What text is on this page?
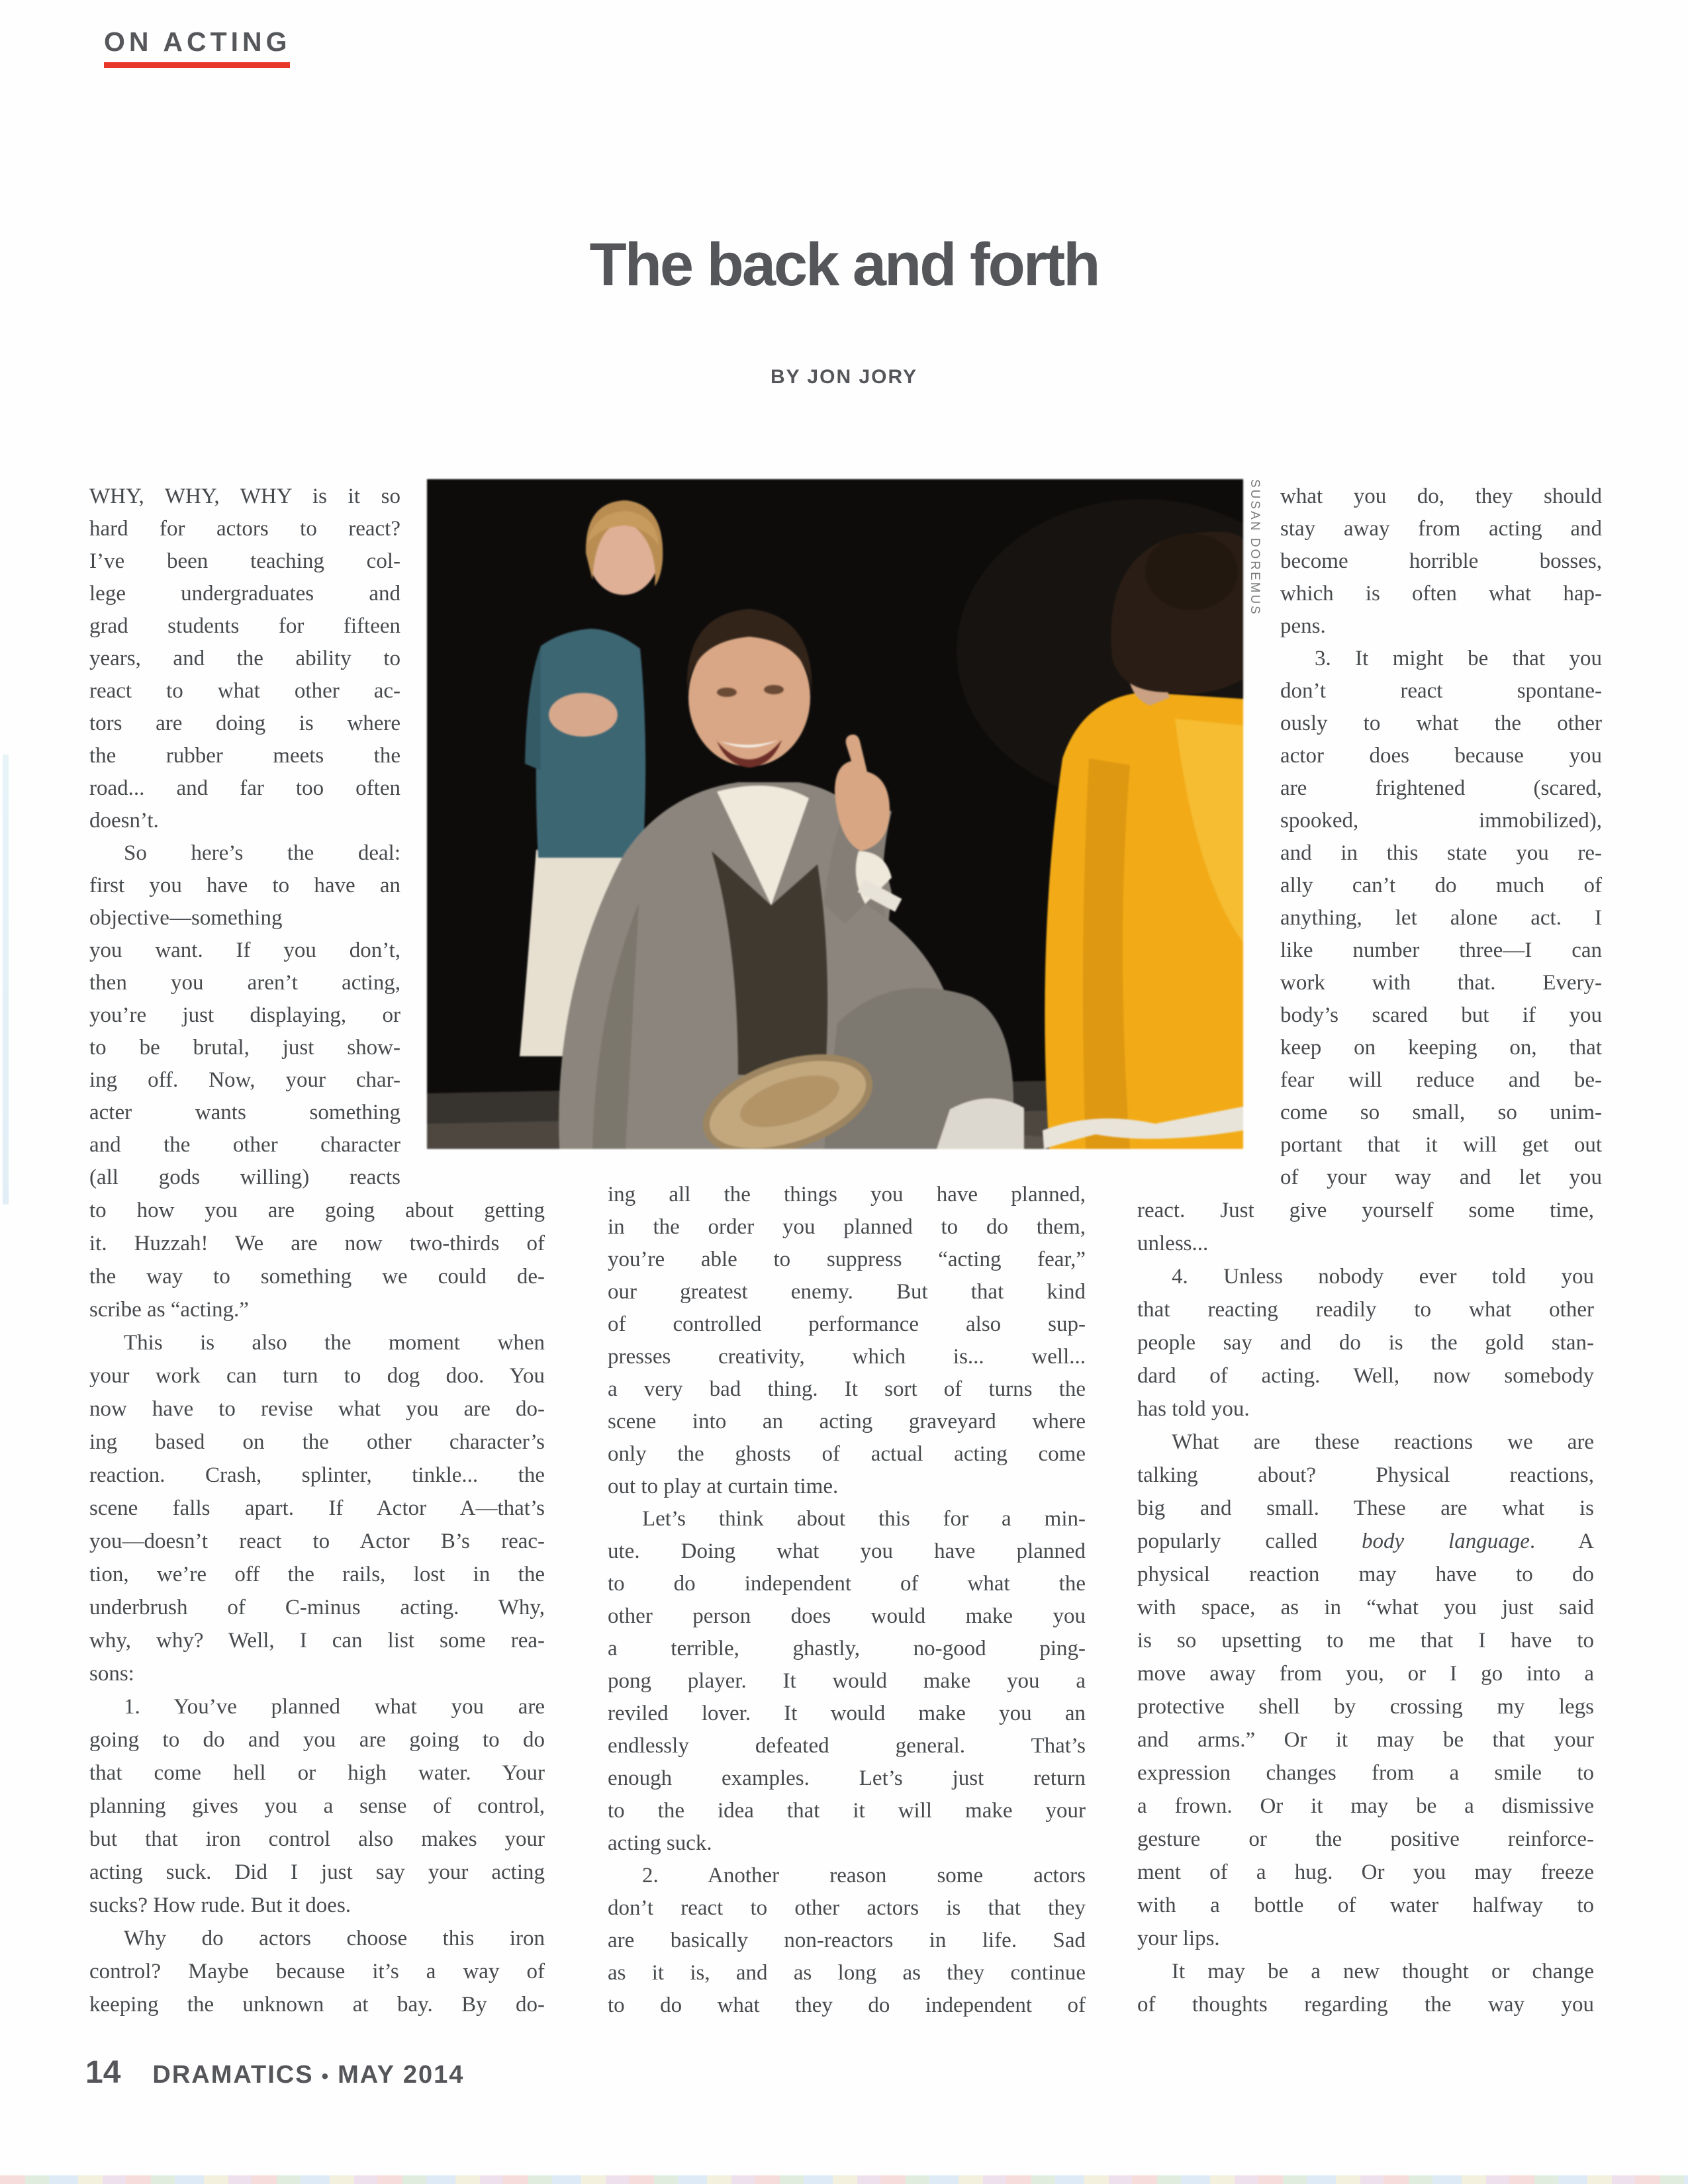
ON ACTING
The back and forth
BY JON JORY
SUSAN DOREMUS
WHY, WHY, WHY is it so
hard for actors to react?
I’ve been teaching col-
lege undergraduates and
grad students for fifteen
years, and the ability to
react to what other ac-
tors are doing is where
the rubber meets the
road... and far too often
doesn’t.
So here’s the deal:
first you have to have an
objective—something
you want. If you don’t,
then you aren’t acting,
you’re just displaying, or
to be brutal, just show-
ing off. Now, your char-
acter wants something
and the other character
(all gods willing) reacts
to how you are going about getting
it. Huzzah! We are now two-thirds of
the way to something we could de-
scribe as “acting.”
This is also the moment when
your work can turn to dog doo. You
now have to revise what you are do-
ing based on the other character’s
reaction. Crash, splinter, tinkle... the
scene falls apart. If Actor A—that’s
you—doesn’t react to Actor B’s reac-
tion, we’re off the rails, lost in the
underbrush of C-minus acting. Why,
why, why? Well, I can list some rea-
sons:
1. You’ve planned what you are
going to do and you are going to do
that come hell or high water. Your
planning gives you a sense of control,
but that iron control also makes your
acting suck. Did I just say your acting
sucks? How rude. But it does.
Why do actors choose this iron
control? Maybe because it’s a way of
keeping the unknown at bay. By do-
ing all the things you have planned,
in the order you planned to do them,
you’re able to suppress “acting fear,”
our greatest enemy. But that kind
of controlled performance also sup-
presses creativity, which is... well...
a very bad thing. It sort of turns the
scene into an acting graveyard where
only the ghosts of actual acting come
out to play at curtain time.
Let’s think about this for a min-
ute. Doing what you have planned
to do independent of what the
other person does would make you
a terrible, ghastly, no-good ping-
pong player. It would make you a
reviled lover. It would make you an
endlessly defeated general. That’s
enough examples. Let’s just return
to the idea that it will make your
acting suck.
2. Another reason some actors
don’t react to other actors is that they
are basically non-reactors in life. Sad
as it is, and as long as they continue
to do what they do independent of
what you do, they should
stay away from acting and
become horrible bosses,
which is often what hap-
pens.
3. It might be that you
don’t react spontane-
ously to what the other
actor does because you
are frightened (scared,
spooked, immobilized),
and in this state you re-
ally can’t do much of
anything, let alone act. I
like number three—I can
work with that. Every-
body’s scared but if you
keep on keeping on, that
fear will reduce and be-
come so small, so unim-
portant that it will get out
of your way and let you
react. Just give yourself some time,
unless...
4. Unless nobody ever told you
that reacting readily to what other
people say and do is the gold stan-
dard of acting. Well, now somebody
has told you.
What are these reactions we are
talking about? Physical reactions,
big and small. These are what is
popularly called body language. A
physical reaction may have to do
with space, as in “what you just said
is so upsetting to me that I have to
move away from you, or I go into a
protective shell by crossing my legs
and arms.” Or it may be that your
expression changes from a smile to
a frown. Or it may be a dismissive
gesture or the positive reinforce-
ment of a hug. Or you may freeze
with a bottle of water halfway to
your lips.
It may be a new thought or change
of thoughts regarding the way you
14 DRAMATICS • MAY 2014
